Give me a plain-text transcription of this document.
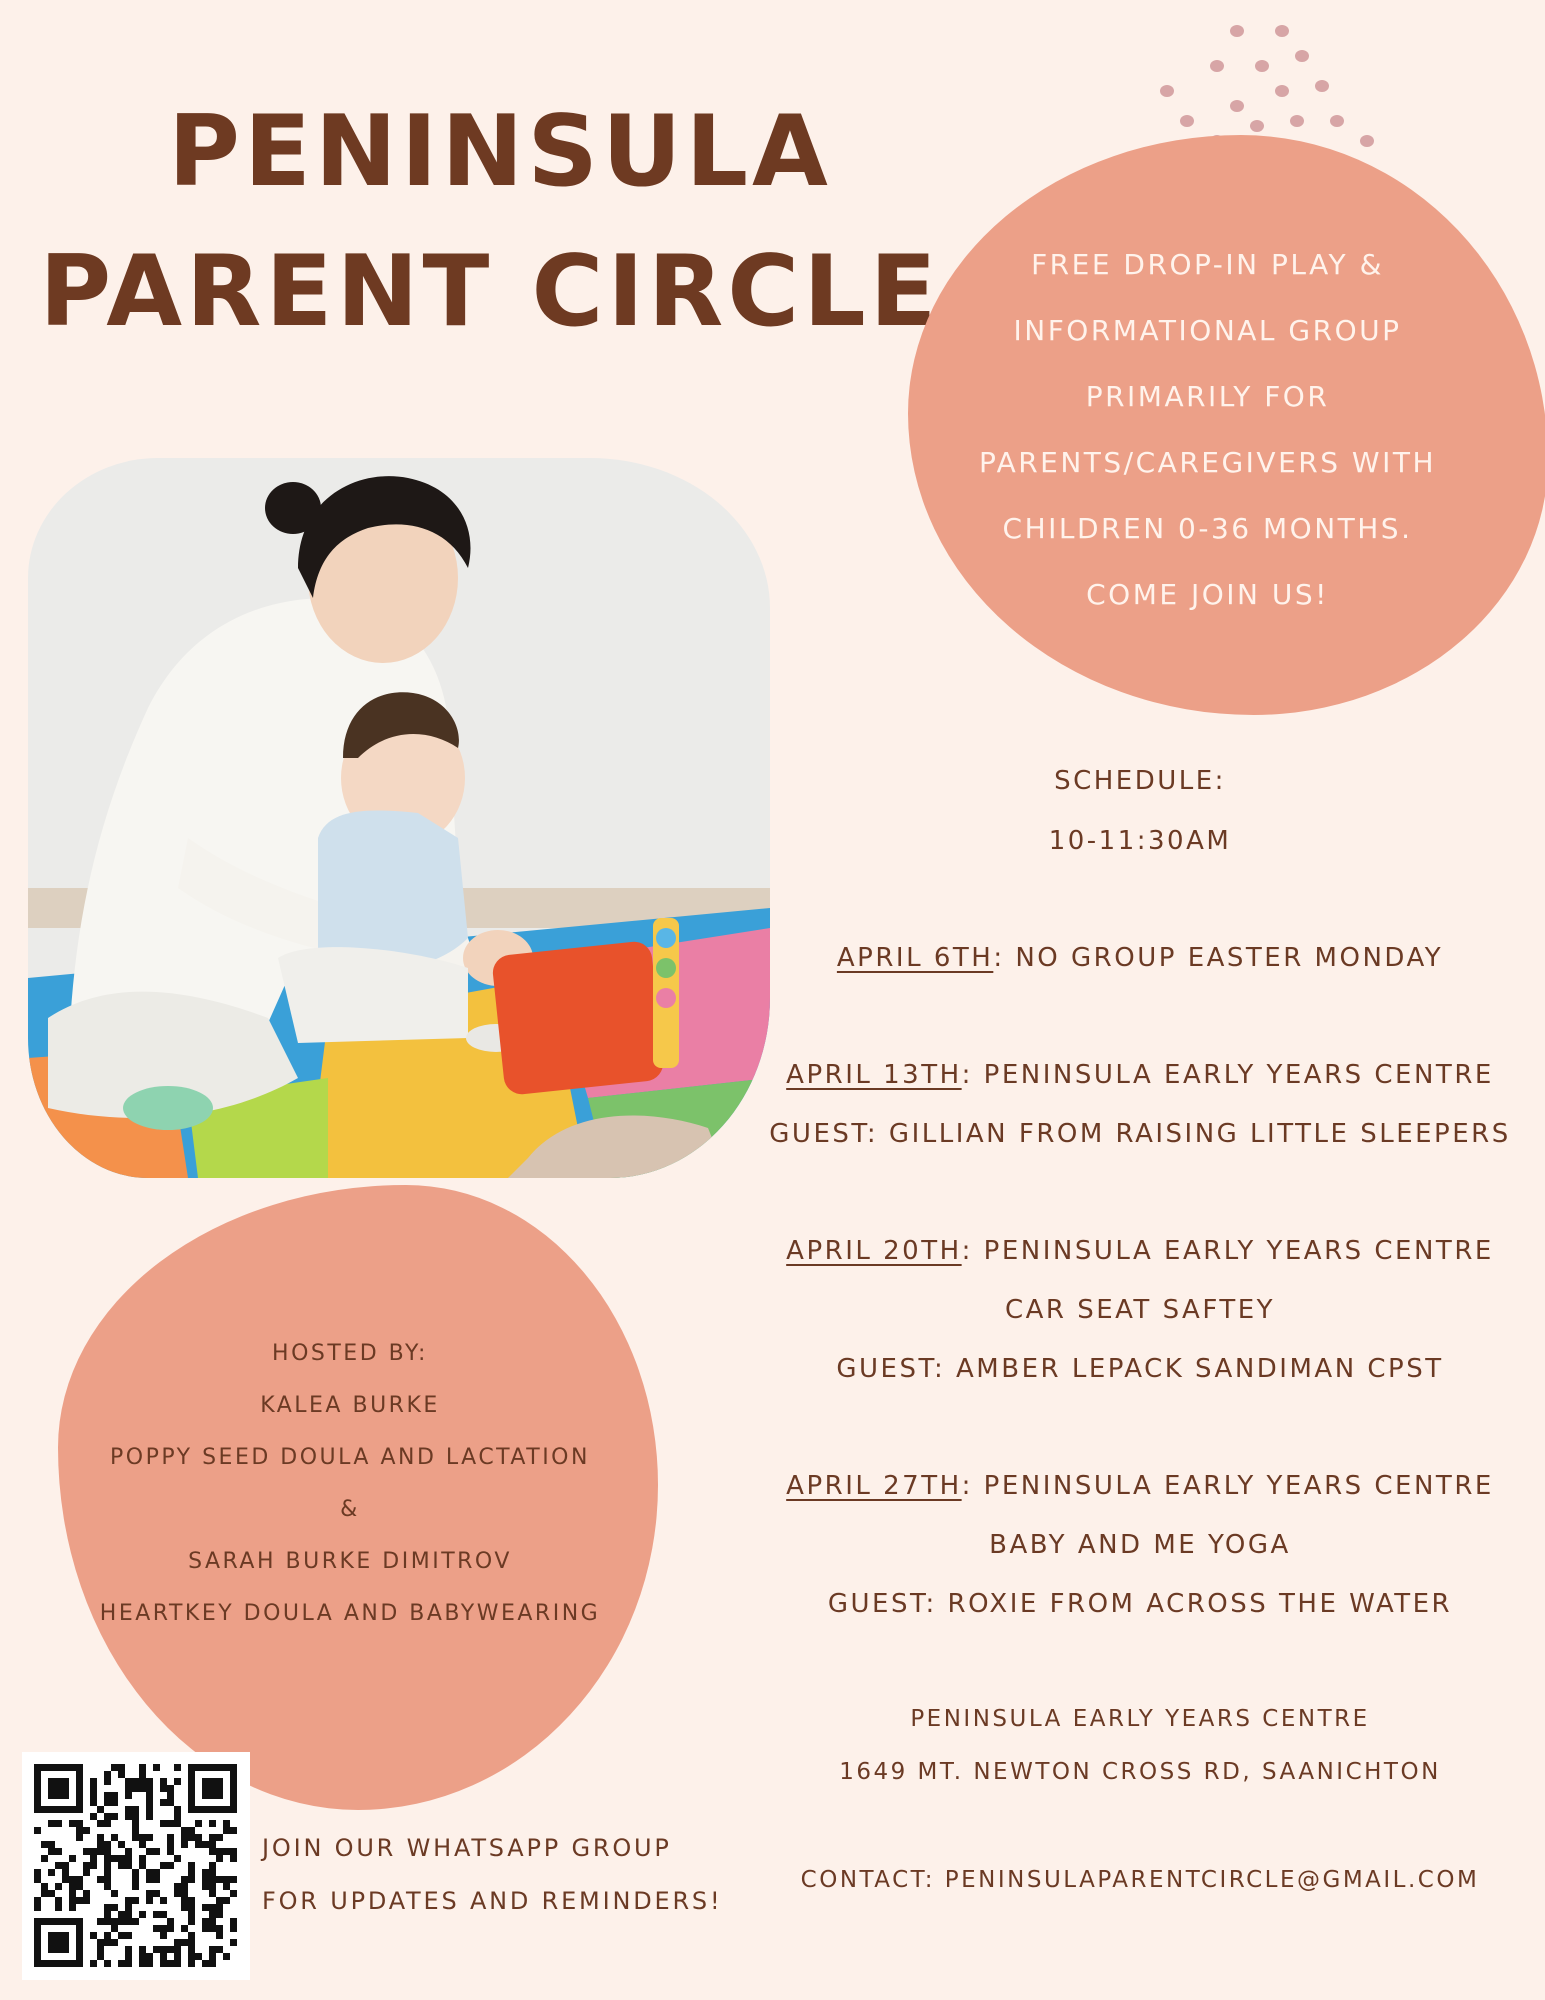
PENINSULA
PARENT CIRCLE	FREE DROP-IN PLAY &
INFORMATIONAL GROUP
PRIMARILY FOR
PARENTS/CAREGIVERS WITH
CHILDREN 0-36 MONTHS.
COME JOIN US!
SCHEDULE:
10-11:30AM
APRIL 6TH: NO GROUP EASTER MONDAY
APRIL 13TH: PENINSULA EARLY YEARS CENTRE
GUEST: GILLIAN FROM RAISING LITTLE SLEEPERS
APRIL 20TH: PENINSULA EARLY YEARS CENTRE
CAR SEAT SAFTEY
GUEST: AMBER LEPACK SANDIMAN CPST
APRIL 27TH: PENINSULA EARLY YEARS CENTRE
BABY AND ME YOGA
GUEST: ROXIE FROM ACROSS THE WATER
PENINSULA EARLY YEARS CENTRE
1649 MT. NEWTON CROSS RD, SAANICHTON
CONTACT: PENINSULAPARENTCIRCLE@GMAIL.COM
HOSTED BY:
KALEA BURKE
POPPY SEED DOULA AND LACTATION
&
SARAH BURKE DIMITROV
HEARTKEY DOULA AND BABYWEARING
JOIN OUR WHATSAPP GROUP
FOR UPDATES AND REMINDERS!
